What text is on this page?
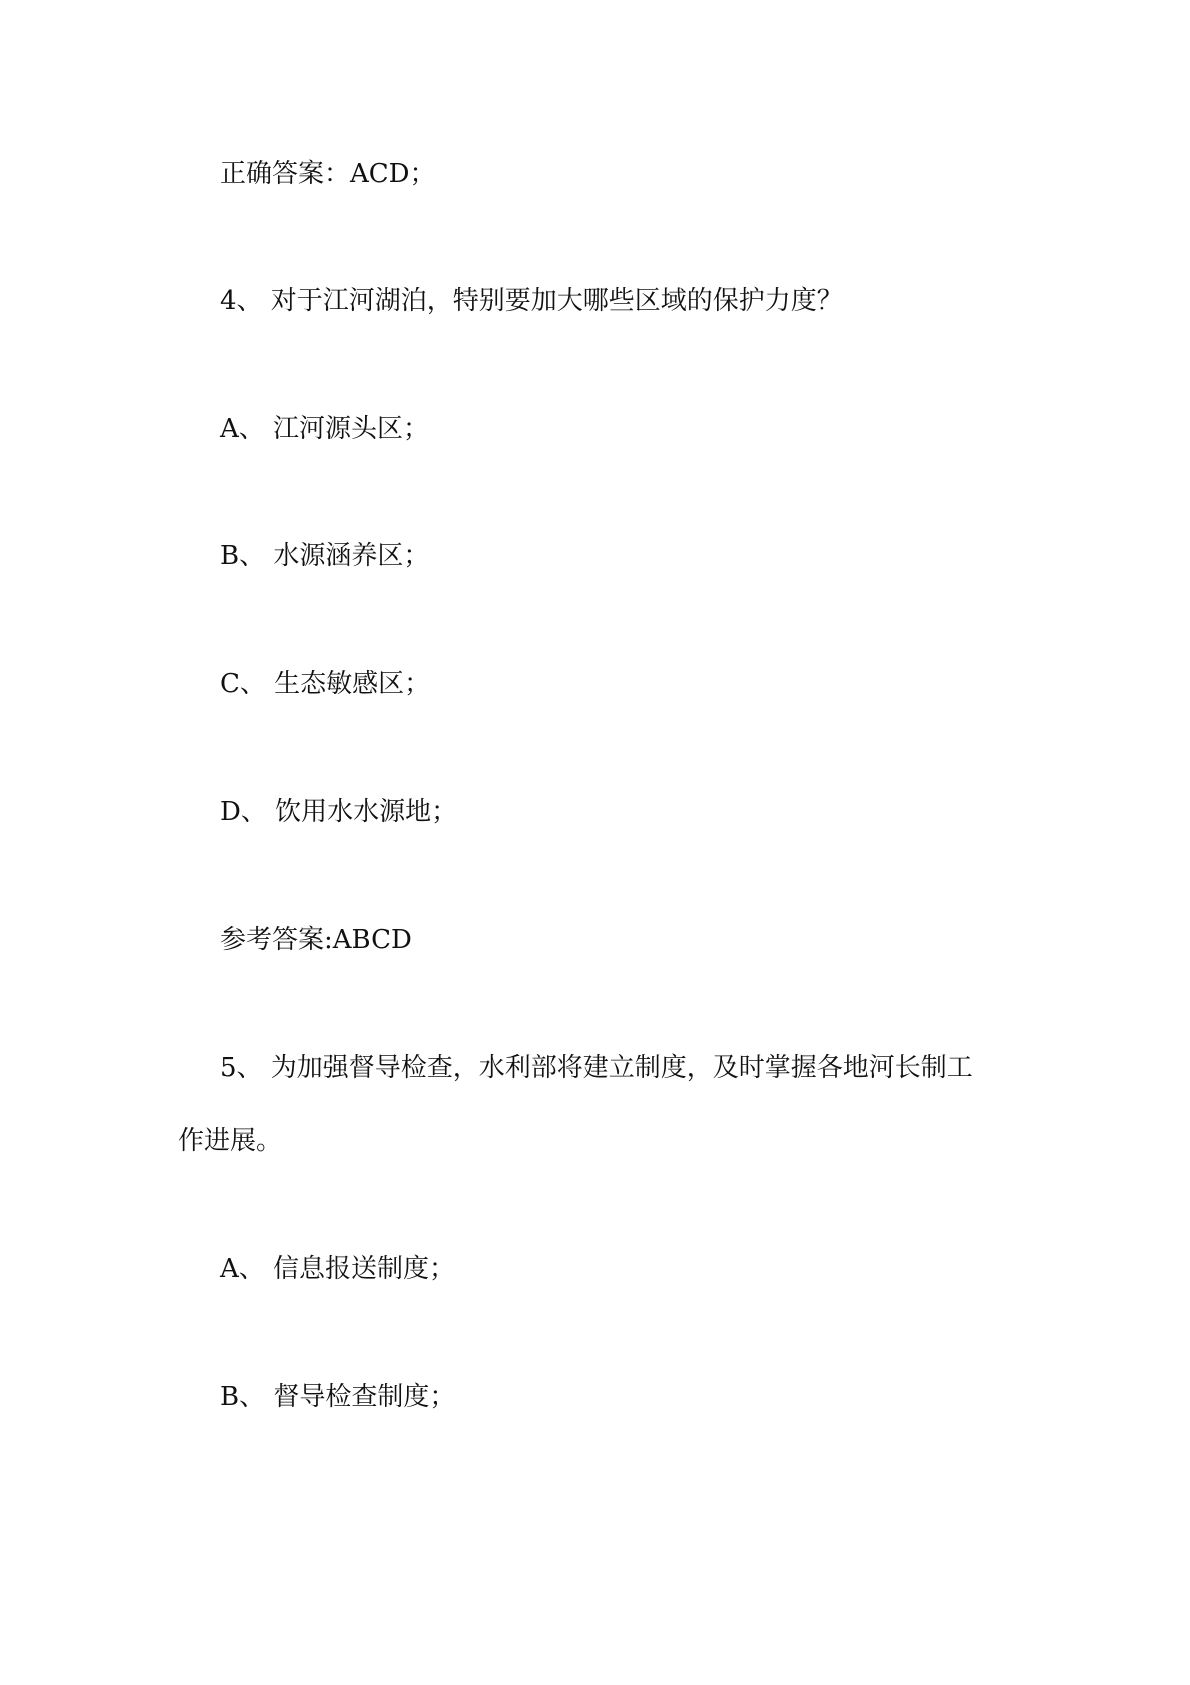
正确答案：ACD；
4、 对于江河湖泊，特别要加大哪些区域的保护力度？
A、 江河源头区；
B、 水源涵养区；
C、 生态敏感区；
D、 饮用水水源地；
参考答案:ABCD
5、 为加强督导检查，水利部将建立制度，及时掌握各地河长制工
作进展。
A、 信息报送制度；
B、 督导检查制度；
